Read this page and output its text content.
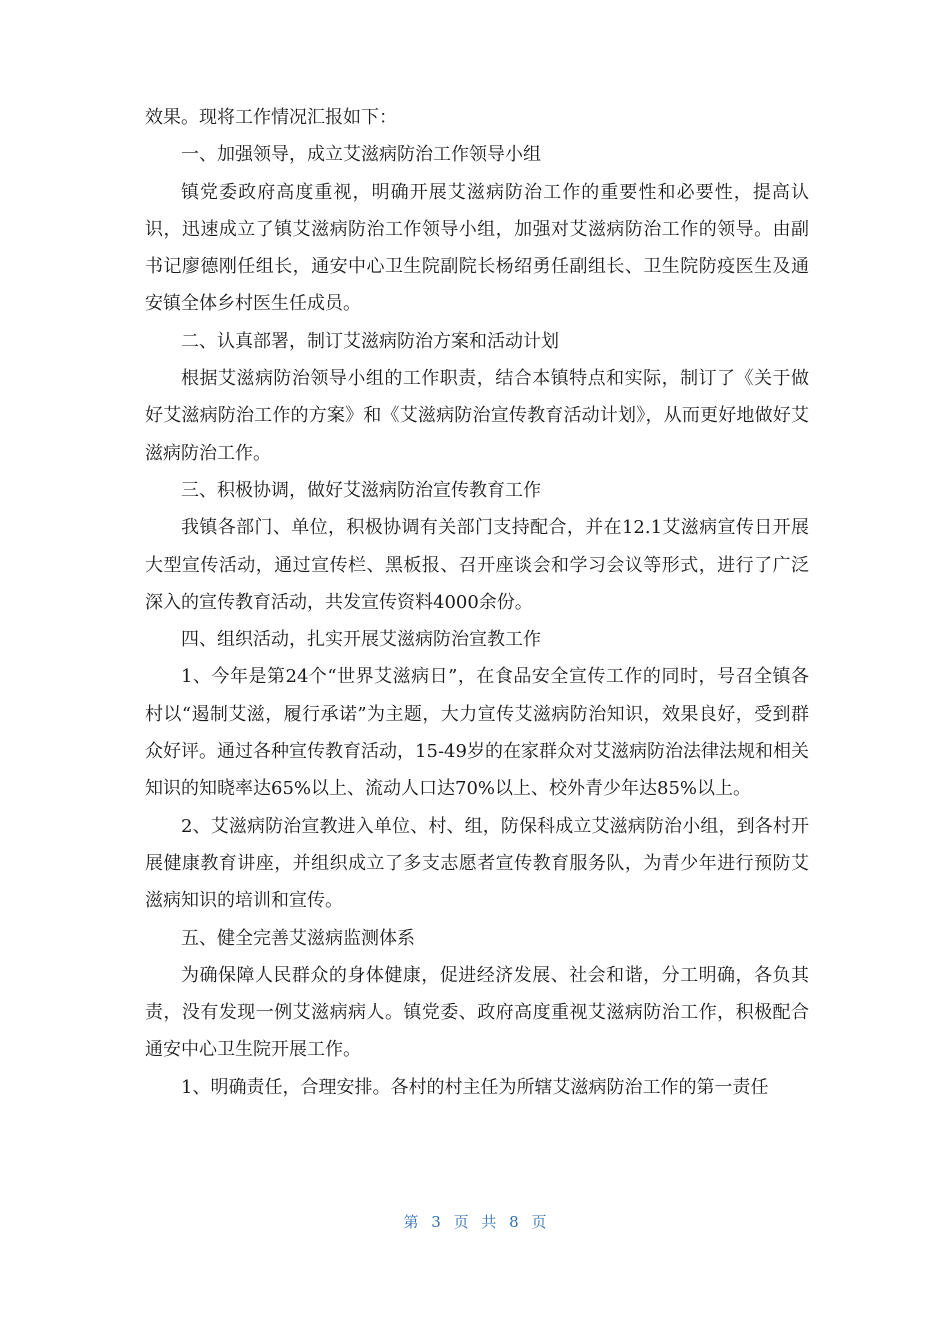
效果。现将工作情况汇报如下：

一、加强领导，成立艾滋病防治工作领导小组

镇党委政府高度重视，明确开展艾滋病防治工作的重要性和必要性，提高认识，迅速成立了镇艾滋病防治工作领导小组，加强对艾滋病防治工作的领导。由副书记廖德刚任组长，通安中心卫生院副院长杨绍勇任副组长、卫生院防疫医生及通安镇全体乡村医生任成员。

二、认真部署，制订艾滋病防治方案和活动计划

根据艾滋病防治领导小组的工作职责，结合本镇特点和实际，制订了《关于做好艾滋病防治工作的方案》和《艾滋病防治宣传教育活动计划》，从而更好地做好艾滋病防治工作。

三、积极协调，做好艾滋病防治宣传教育工作

我镇各部门、单位，积极协调有关部门支持配合，并在12.1艾滋病宣传日开展大型宣传活动，通过宣传栏、黑板报、召开座谈会和学习会议等形式，进行了广泛深入的宣传教育活动，共发宣传资料4000余份。

四、组织活动，扎实开展艾滋病防治宣教工作

1、今年是第24个“世界艾滋病日”，在食品安全宣传工作的同时，号召全镇各村以“遏制艾滋，履行承诺”为主题，大力宣传艾滋病防治知识，效果良好，受到群众好评。通过各种宣传教育活动，15-49岁的在家群众对艾滋病防治法律法规和相关知识的知晓率达65%以上、流动人口达70%以上、校外青少年达85%以上。

2、艾滋病防治宣教进入单位、村、组，防保科成立艾滋病防治小组，到各村开展健康教育讲座，并组织成立了多支志愿者宣传教育服务队，为青少年进行预防艾滋病知识的培训和宣传。

五、健全完善艾滋病监测体系

为确保障人民群众的身体健康，促进经济发展、社会和谐，分工明确，各负其责，没有发现一例艾滋病病人。镇党委、政府高度重视艾滋病防治工作，积极配合通安中心卫生院开展工作。

1、明确责任，合理安排。各村的村主任为所辖艾滋病防治工作的第一责任

第 3 页 共 8 页
